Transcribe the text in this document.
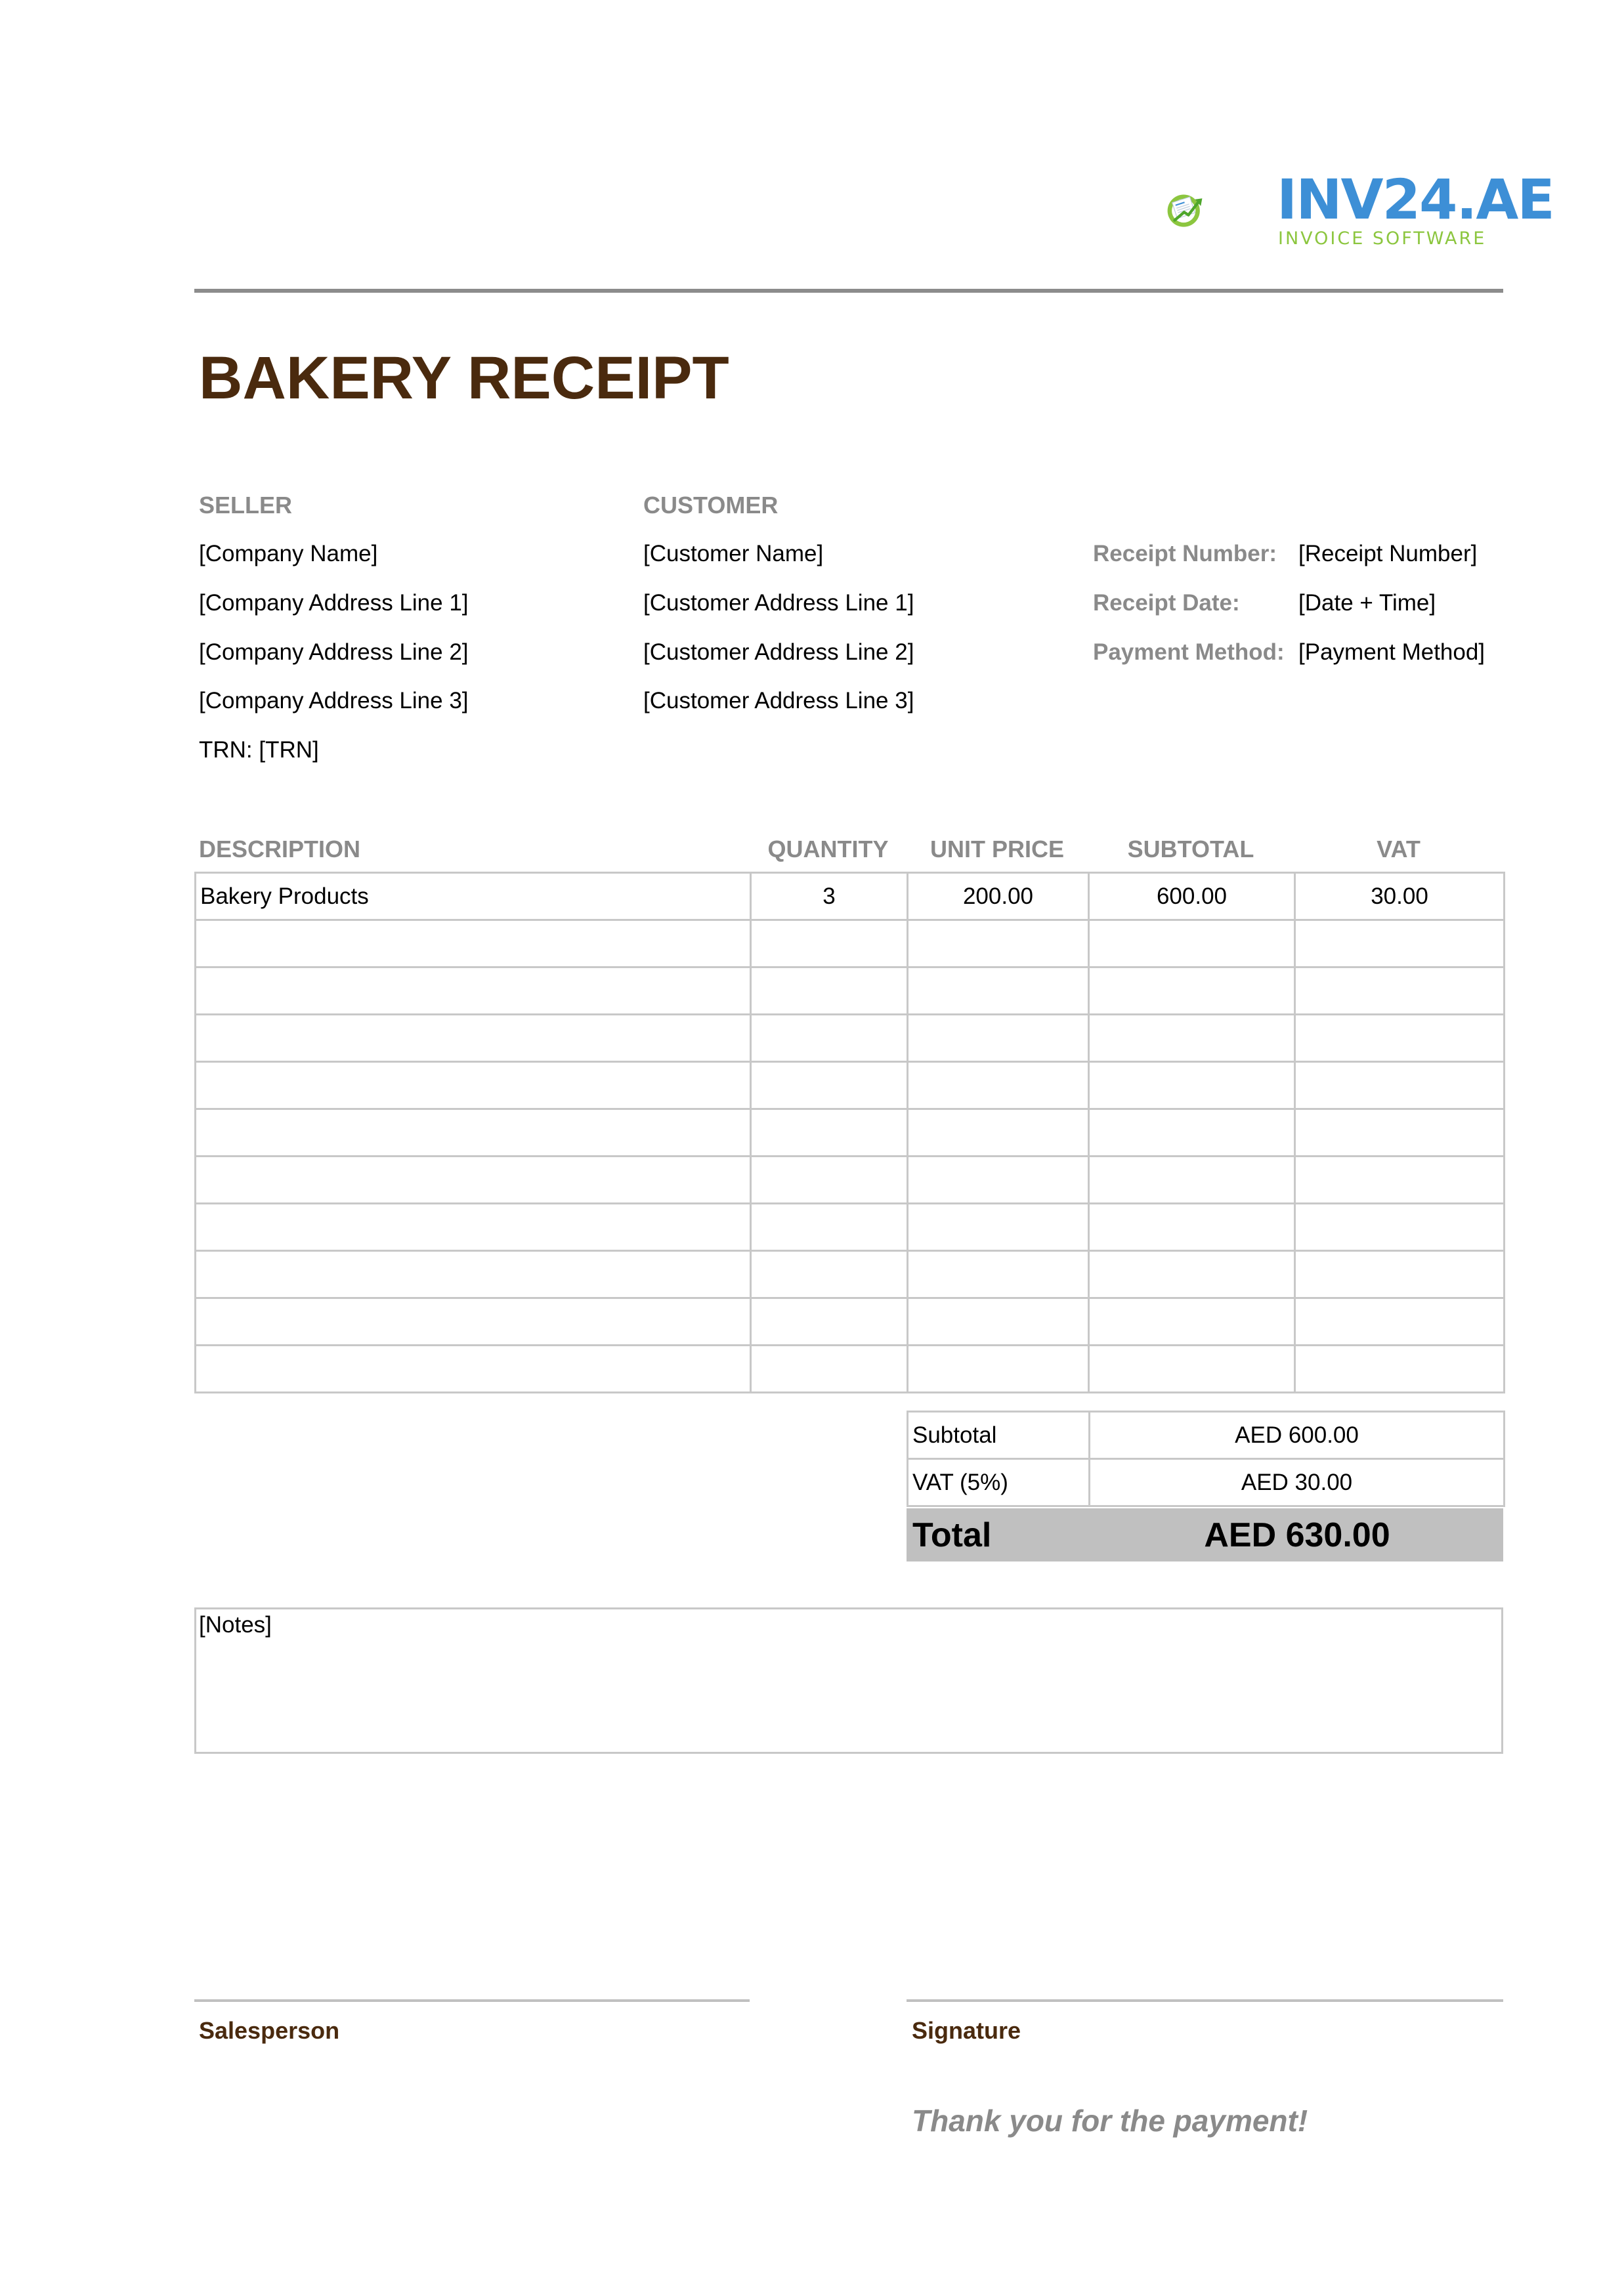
INV24.AE
INVOICE SOFTWARE
BAKERY RECEIPT
SELLER
[Company Name]
[Company Address Line 1]
[Company Address Line 2]
[Company Address Line 3]
TRN: [TRN]
CUSTOMER
[Customer Name]
[Customer Address Line 1]
[Customer Address Line 2]
[Customer Address Line 3]
Receipt Number: [Receipt Number]
Receipt Date:	[Date + Time]
Payment Method: [Payment Method]
DESCRIPTION	QUANTITY	UNIT PRICE	SUBTOTAL	VAT
Bakery Products	3	200.00	600.00	30.00

Subtotal	AED 600.00
VAT (5%)	AED 30.00
Total	AED 630.00
[Notes]
Salesperson	Signature
Thank you for the payment!
